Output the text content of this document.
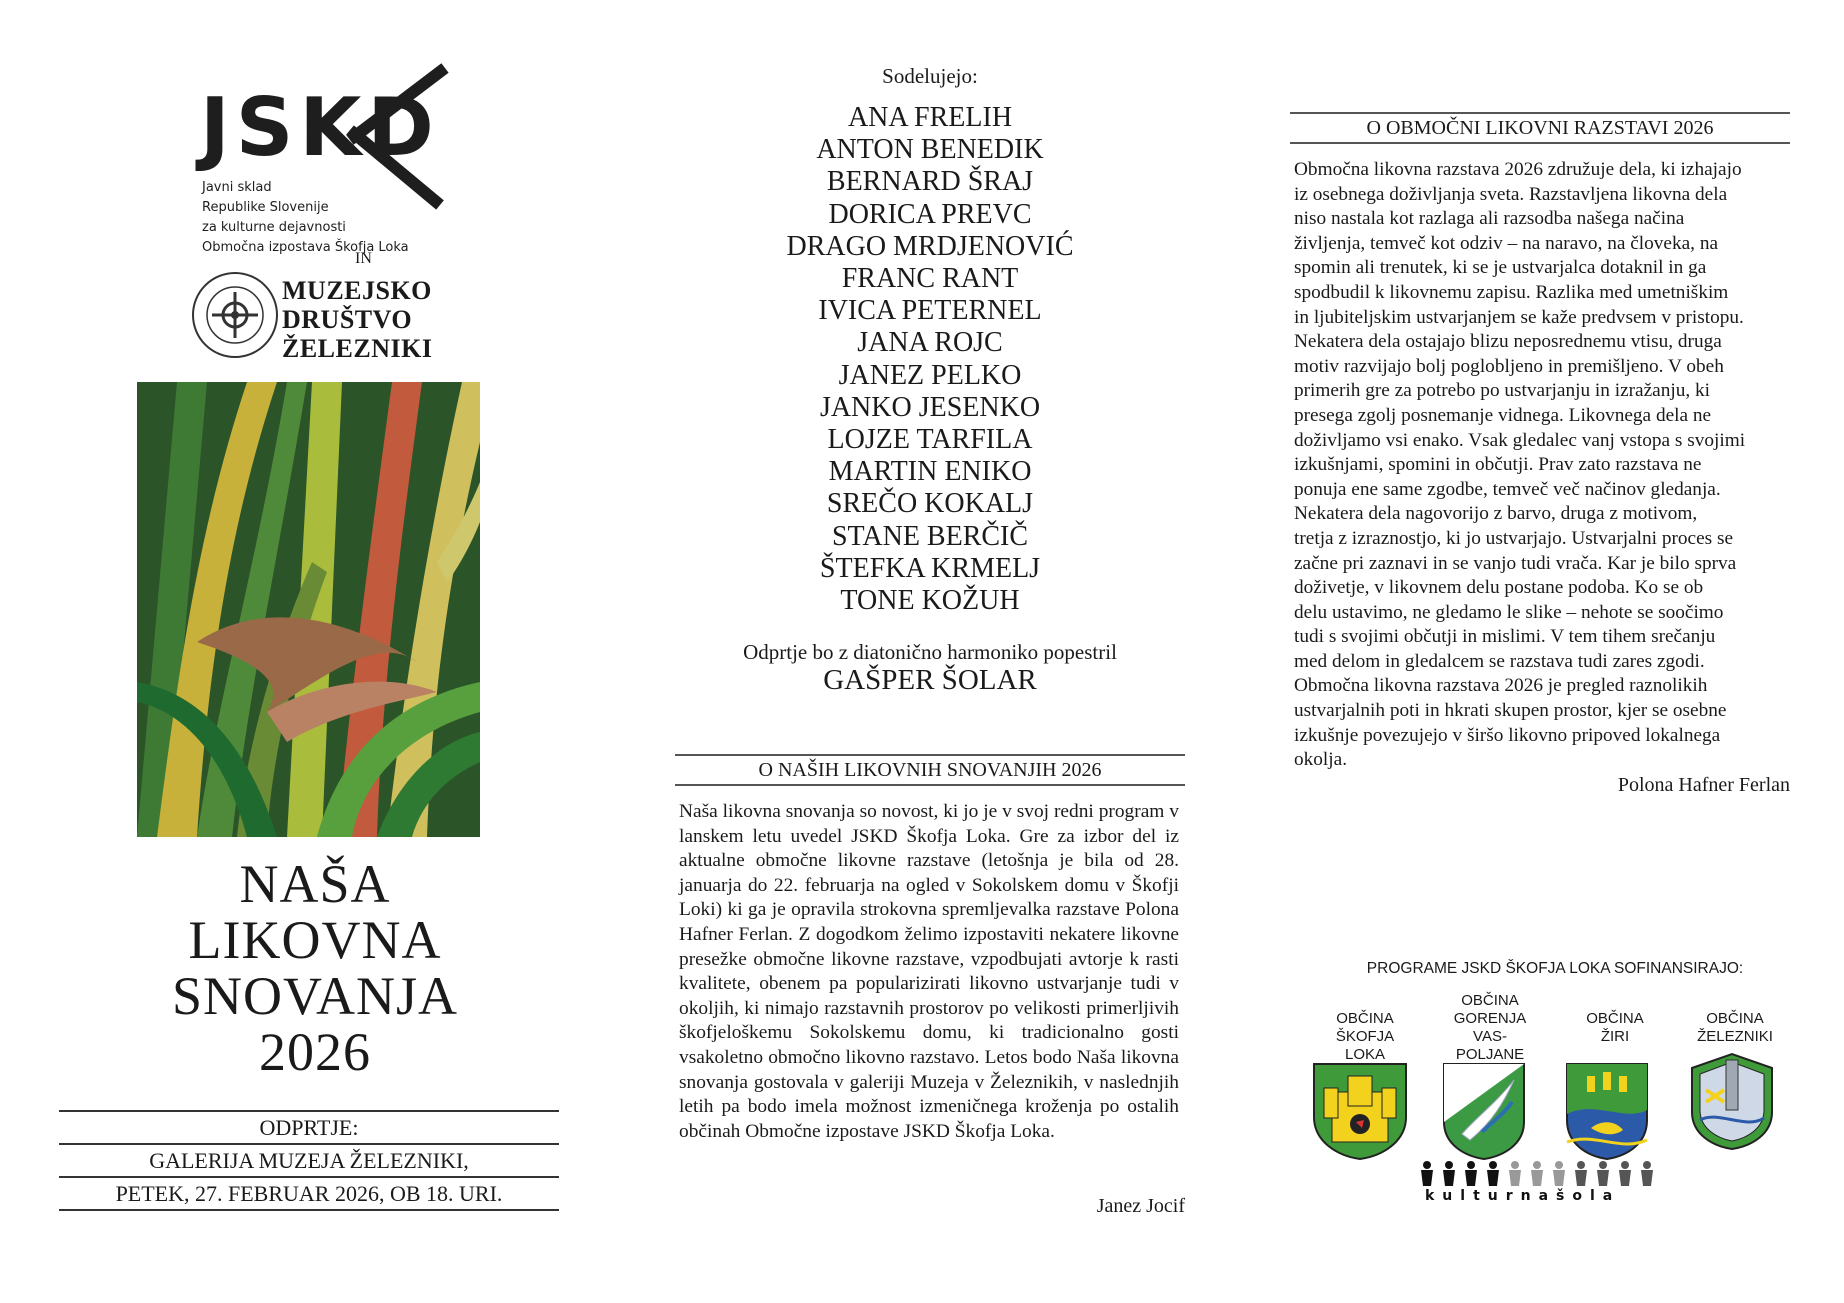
JSKD
Javni sklad
Republike Slovenije
za kulturne dejavnosti
Območna izpostava Škofja Loka
IN
MUZEJSKO
DRUŠTVO
ŽELEZNIKI
NAŠA
LIKOVNA
SNOVANJA
2026
ODPRTJE:
GALERIJA MUZEJA ŽELEZNIKI,
PETEK, 27. FEBRUAR 2026, OB 18. URI.
Sodelujejo:
ANA FRELIH
ANTON BENEDIK
BERNARD ŠRAJ
DORICA PREVC
DRAGO MRDJENOVIĆ
FRANC RANT
IVICA PETERNEL
JANA ROJC
JANEZ PELKO
JANKO JESENKO
LOJZE TARFILA
MARTIN ENIKO
SREČO KOKALJ
STANE BERČIČ
ŠTEFKA KRMELJ
TONE KOŽUH
Odprtje bo z diatonično harmoniko popestril
GAŠPER ŠOLAR
O NAŠIH LIKOVNIH SNOVANJIH 2026
Naša likovna snovanja so novost, ki jo je v svoj redni program v lanskem letu uvedel JSKD Škofja Loka. Gre za izbor del iz aktualne območne likovne razstave (letošnja je bila od 28. januarja do 22. februarja na ogled v Sokolskem domu v Škofji Loki) ki ga je opravila strokovna spremljevalka razstave Polona Hafner Ferlan. Z dogodkom želimo izpostaviti nekatere likovne presežke območne likovne razstave, vzpodbujati avtorje k rasti kvalitete, obenem pa popularizirati likovno ustvarjanje tudi v okoljih, ki nimajo razstavnih prostorov po velikosti primerljivih škofjeloškemu Sokolskemu domu, ki tradicionalno gosti vsakoletno območno likovno razstavo. Letos bodo Naša likovna snovanja gostovala v galeriji Muzeja v Železnikih, v naslednjih letih pa bodo imela možnost izmeničnega kroženja po ostalih občinah Območne izpostave JSKD Škofja Loka.
Janez Jocif
O OBMOČNI LIKOVNI RAZSTAVI 2026
Območna likovna razstava 2026 združuje dela, ki izhajajo
iz osebnega doživljanja sveta. Razstavljena likovna dela
niso nastala kot razlaga ali razsodba našega načina
življenja, temveč kot odziv – na naravo, na človeka, na
spomin ali trenutek, ki se je ustvarjalca dotaknil in ga
spodbudil k likovnemu zapisu. Razlika med umetniškim
in ljubiteljskim ustvarjanjem se kaže predvsem v pristopu.
Nekatera dela ostajajo blizu neposrednemu vtisu, druga
motiv razvijajo bolj poglobljeno in premišljeno. V obeh
primerih gre za potrebo po ustvarjanju in izražanju, ki
presega zgolj posnemanje vidnega. Likovnega dela ne
doživljamo vsi enako. Vsak gledalec vanj vstopa s svojimi
izkušnjami, spomini in občutji. Prav zato razstava ne
ponuja ene same zgodbe, temveč več načinov gledanja.
Nekatera dela nagovorijo z barvo, druga z motivom,
tretja z izraznostjo, ki jo ustvarjajo. Ustvarjalni proces se
začne pri zaznavi in se vanjo tudi vrača. Kar je bilo sprva
doživetje, v likovnem delu postane podoba. Ko se ob
delu ustavimo, ne gledamo le slike – nehote se soočimo
tudi s svojimi občutji in mislimi. V tem tihem srečanju
med delom in gledalcem se razstava tudi zares zgodi.
Območna likovna razstava 2026 je pregled raznolikih
ustvarjalnih poti in hkrati skupen prostor, kjer se osebne
izkušnje povezujejo v širšo likovno pripoved lokalnega
okolja.
Polona Hafner Ferlan
PROGRAME JSKD ŠKOFJA LOKA SOFINANSIRAJO:
OBČINA
ŠKOFJA
LOKA
OBČINA
GORENJA
VAS-
POLJANE
OBČINA
ŽIRI
OBČINA
ŽELEZNIKI
kulturnašola
